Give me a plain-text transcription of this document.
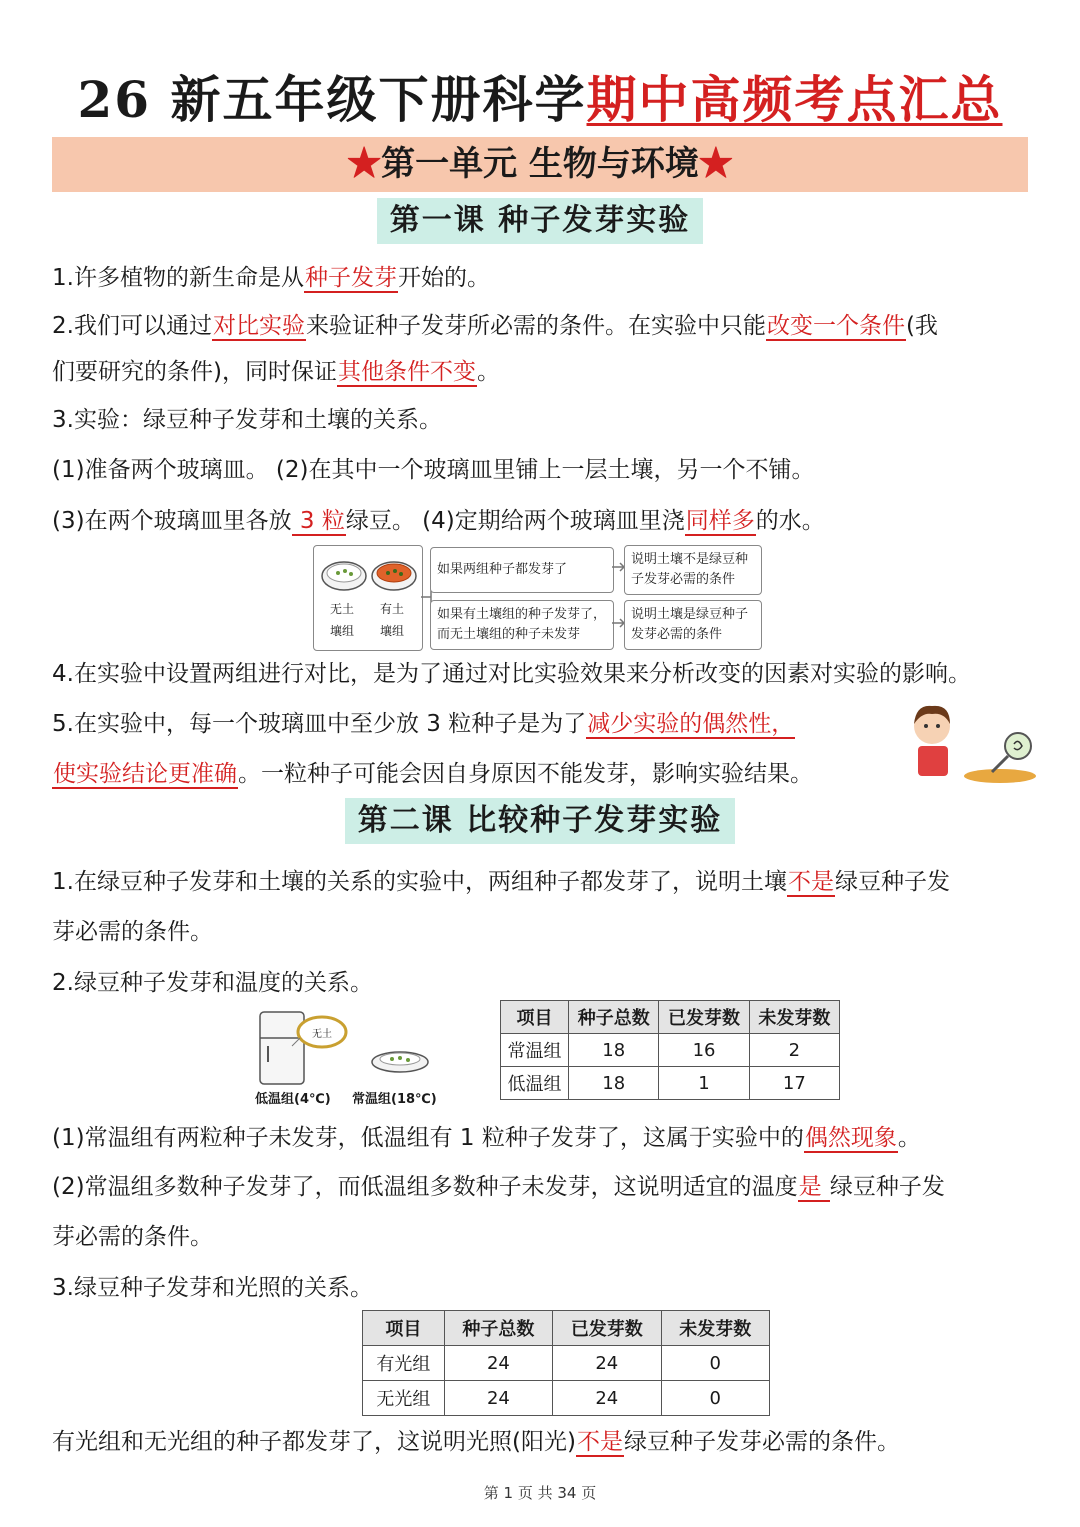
26 新五年级下册科学期中高频考点汇总
★第一单元 生物与环境★
第一课 种子发芽实验
1.许多植物的新生命是从种子发芽开始的。
2.我们可以通过对比实验来验证种子发芽所必需的条件。在实验中只能改变一个条件(我
们要研究的条件)，同时保证其他条件不变。
3.实验：绿豆种子发芽和土壤的关系。
(1)准备两个玻璃皿。 (2)在其中一个玻璃皿里铺上一层土壤，另一个不铺。
(3)在两个玻璃皿里各放 3 粒绿豆。 (4)定期给两个玻璃皿里浇同样多的水。
无土
壤组
有土
壤组
如果两组种子都发芽了
如果有土壤组的种子发芽了，
而无土壤组的种子未发芽
说明土壤不是绿豆种
子发芽必需的条件
说明土壤是绿豆种子
发芽必需的条件
4.在实验中设置两组进行对比，是为了通过对比实验效果来分析改变的因素对实验的影响。
5.在实验中，每一个玻璃皿中至少放 3 粒种子是为了减少实验的偶然性，
使实验结论更准确。一粒种子可能会因自身原因不能发芽，影响实验结果。
第二课 比较种子发芽实验
1.在绿豆种子发芽和土壤的关系的实验中，两组种子都发芽了，说明土壤不是绿豆种子发
芽必需的条件。
2.绿豆种子发芽和温度的关系。
无土
低温组(4℃) 常温组(18℃)
项目	种子总数	已发芽数	未发芽数
常温组	18	16	2
低温组	18	1	17
(1)常温组有两粒种子未发芽，低温组有 1 粒种子发芽了，这属于实验中的偶然现象。
(2)常温组多数种子发芽了，而低温组多数种子未发芽，这说明适宜的温度是 绿豆种子发
芽必需的条件。
3.绿豆种子发芽和光照的关系。
项目	种子总数	已发芽数	未发芽数
有光组	24	24	0
无光组	24	24	0
有光组和无光组的种子都发芽了，这说明光照(阳光)不是绿豆种子发芽必需的条件。
第 1 页 共 34 页
